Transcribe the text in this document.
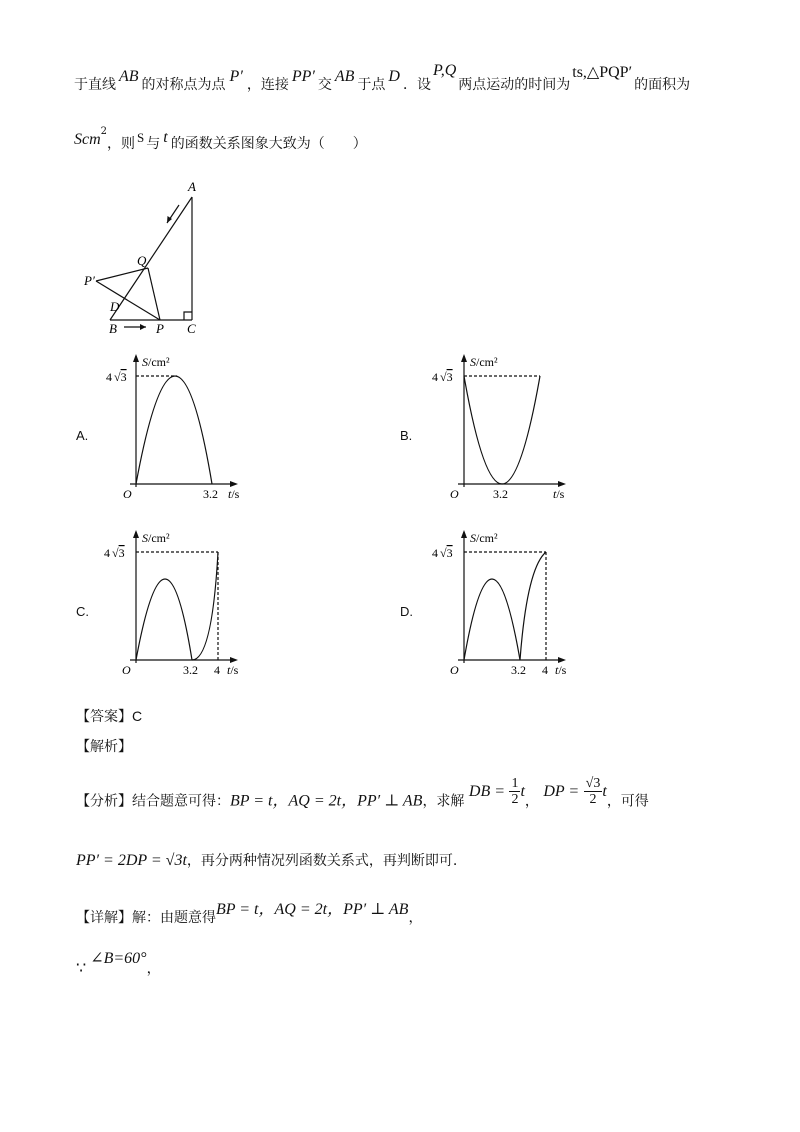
于直线 AB 的对称点为点 P′ ，连接 PP′ 交 AB 于点 D ．设P,Q两点运动的时间为ts,△PQP′的面积为
Scm$^2$，则 S 与 t 的函数关系图象大致为（　　）
A
B	C
P
Q
D
P′
A.	B.
C.	D.
S/cm²
4 √3
O	3.2 t/s
S/cm²
4 √3
O	3.2	t/s
S/cm²
4 √3
O	3.2 4 t/s
S/cm²
4 √3
O	3.2 4 t/s
【答案】C
【解析】
【分析】结合题意可得：BP = t，AQ = 2t，PP′ ⊥ AB，求解 DB = $\frac{1}{2}$ t， DP = $\frac{√3}{2}$ t，可得
PP′ = 2DP = √3t，再分两种情况列函数关系式，再判断即可.
【详解】解：由题意得BP = t，AQ = 2t，PP′ ⊥ AB，
∵ ∠B=60°，
